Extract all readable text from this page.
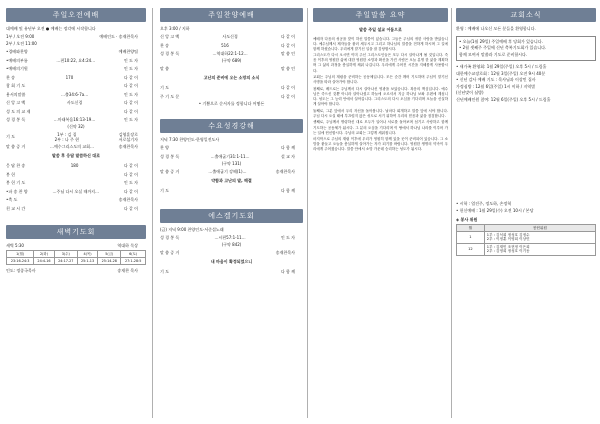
주일오전예배
대예배 및 유년부 오전 ● 예배는 정각에 시작합니다
1부 / 오전 9:00	예배인도 · 송재찬목사
2부 / 오전 11:00
•경배와찬양	예배찬양팀
•예배의부름	…편10:22, 요4:24…	인 도 자
•예배의기원	인 도 자
찬 송	170	다 같 이
참 회 기 도	다 같 이
용서의말씀	…출34:6-7a…	인 도 자
신 앙 고 백	사도신경	다 같 이
성 도 의 교 제	다 같 이
성 경 봉 독	…마태복음16:13-19…	인 도 자
(신약 32)
기 도	1부 : 김 집
2부 : 나 주 현
김영훈장로
서로섬기자
말 씀 증 거	…예수그리스도의 교회…	송재찬목사
말씀 후 응답 말씀하신 대로
응 답 찬 송	180	다 같 이
봉 헌	다 같 이
봉 헌 기 도	인 도 자
•파 송 찬 양	…주님 다시 오실 때까지…	다 같 이
•축 도	송재찬목사
친 교 시 간	다 같 이
새벽기도회
새벽 5:30	역대하 묵상
1(월)	2(화)	3(수)	4(목)	5(금)	6(토)
23:16-24:3	24:4-16	24:17-27	25:1-13	25:14-28	27:1-28:5
인도: 정종국목사	송재찬 목사
주일찬양예배
오후 3:00 / 지하
신 앙 고 백	사도신경	다 같 이
찬 송	516	다 같 이
성 경 봉 독	…역대하22:1-12…	말 씀 인
(구약 689)
말 씀	말 씀 인
고난의 준비에 오는 소망의 소식
기 도	다 같 이
주 기 도 문	다 같 이
• 기쁨으로 순서자를 정합니다 어떻든
수요성경강해
저녁 7:30 찬양인도·한영일전도사
찬 양	다 함 께
성 경 봉 독	…출애굽기31:1-11…	설 교 자
(구약 131)
말 씀 증 거	…출애굽기 강해(1)…	송재찬목사
약함과 고난의 말, 해결
기 도	다 함 께
에스겔기도회
(금) 저녁 9:00 찬양인도·서준섭노래
성 경 봉 독	…시편57:1-11…	인 도 자
(구약 842)
말 씀 증 거	송재찬목사
내 마음이 확정되었으니
기 도	다 함 께
주일말씀 요약
말씀 주일 설교 어둠으로
예배자 다음의 성공을 맞이 하신 말씀이 있습니다. 그들은 주님의 귀한 사랑을 받았습니다. 예수님께서 제자들을 불러 세우시고 그리고 하나님의 말씀을 전하게 하시며 그 길에 함께 하셨습니다. 우리에게 맡기신 일을 잘 감당합시다.
그리스도가 다시 오시면 이미 주신 그리스도인들은 모두 다시 살아나게 될 것입니다. 죽음 이후의 영원한 삶에 대한 영원한 소망과 확신을 가진 사람은 오늘 분명 한 삶을 계획하며 그 삶의 과정을 충실하게 채워 나갑니다. 우리에게 주어진 시간을 지혜롭게 사용합시다.
교회는 주님의 재림을 준비하는 공동체입니다. 모든 순간 깨어 기도하며 주님이 맡기신 사명을 따라 살아가야 합니다.
첫째로, 베드로는 주님께서 다시 살아나신 영광을 보았습니다. 복음의 핵심입니다. 예수님은 죽으신 것뿐 아니라 살아나셨고 하늘에 오르셔서 지금 하나님 보좌 우편에 계십니다. 성도는 그 능력 안에서 살아갑니다. 그리스도의 다시 오심을 기다리며 오늘을 신실하게 살아야 합니다.
둘째로, 그분 앞에서 우리 자신을 돌아봅니다. 날마다 회개하고 말씀 앞에 서야 합니다. 주님 다시 오실 때에 부끄럽지 않은 성도로 서기 위하여 우리의 믿음과 삶을 점검합니다.
셋째로, 주님께서 명령하신 대로 모두가 일어나 서로를 돌아보며 섬기고 사랑하고 함께 기도하는 공동체가 됩시다. 그 분의 오심을 기다리며 이 땅에서 하나님 나라를 이루어 가는 일에 헌신합시다. 주님의 교회는 그렇게 세워집니다.
마지막으로 주님의 재림 이후에 우리가 영원히 함께 있을 곳이 준비되어 있습니다. 그 소망을 붙들고 오늘을 충실하게 살아가는 자가 되기를 바랍니다. 영원한 생명의 약속이 우리에게 주어졌습니다. 말씀 안에서 소망 가운데 승리하는 성도가 됩시다.
교회소식
환영 : 예배에 나오신 모든 분들을 환영합니다.
• 오늘(1월 29일) 주일예배 후 당회가 있습니다.
• 2월 셋째주 주일에 신년 축복기도회가 있습니다.
함께 모여서 말씀과 기도로 준비합시다.
• 새가족 환영회: 1월 29일(주일) 오후 5시 / 드림홀
대한예수교장로회 : 12월 3일(주일) 오전 9시 40분
• 신년 감사 예배 기도 : 목사님과 이상민 집사
가정심방 : 12월 6일(주일) 1시 이하 / 지역별
(신년맞이 심방)
신년예배인원 참여: 12월 6일(주일) 오후 5시 / 드림홀
• 시학 : 엄진주, 정도하, 손정혁
• 헌신예배 : 1월 29일(수) 오전 10시 / 본당
◈ 봉사 위원
월	봉헌위원
1	1부 : 김석희 정성호 김정수
2부 : 이정훈 이영희 이상민

12	1부 : 김재민 조현정 이은희
2부 : 김영희 정성호 이기동
